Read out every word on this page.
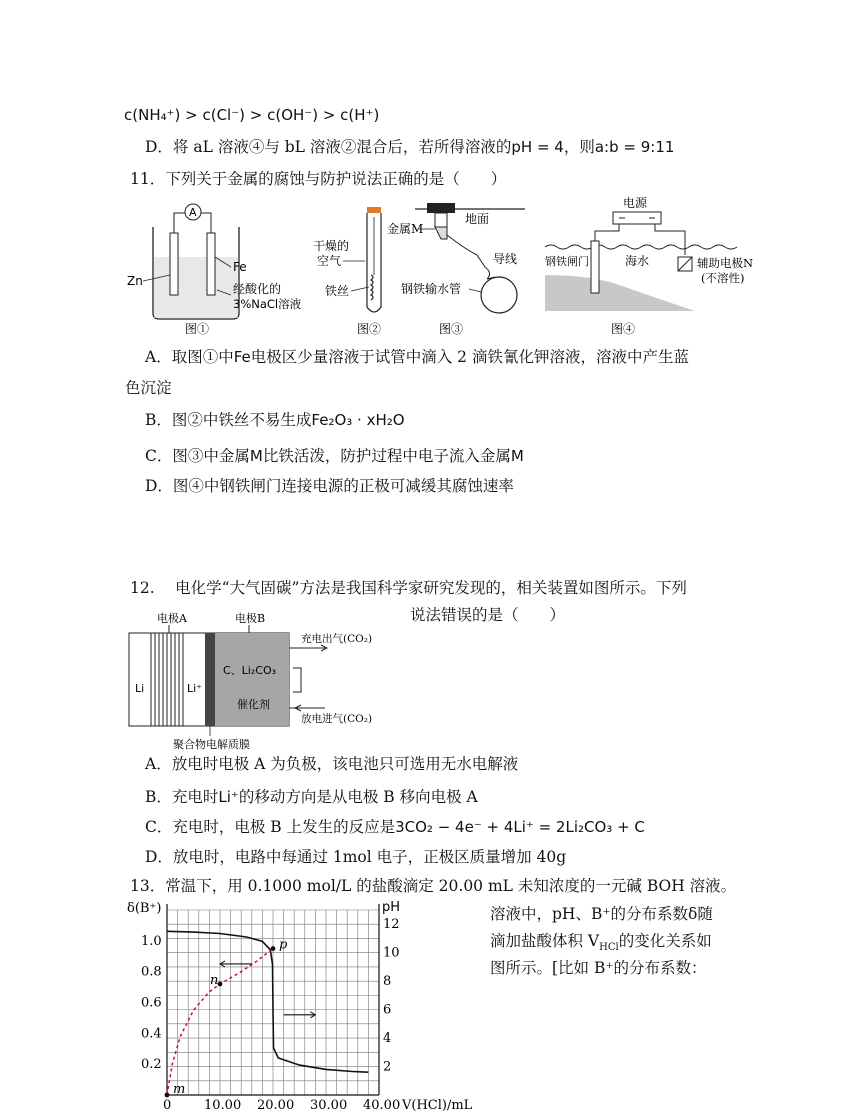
c(NH₄⁺) > c(Cl⁻) > c(OH⁻) > c(H⁺)
D．将 aL 溶液④与 bL 溶液②混合后，若所得溶液的pH = 4，则a:b = 9:11
11．下列关于金属的腐蚀与防护说法正确的是（　　）
A
Zn
Fe
经酸化的
3%NaCl溶液
图①
干燥的
空气
铁丝
图②
地面
金属M
导线
钢铁输水管
图③
电源
钢铁闸门	海水	辅助电极N
(不溶性)
图④
A．取图①中Fe电极区少量溶液于试管中滴入 2 滴铁氰化钾溶液，溶液中产生蓝
色沉淀
B．图②中铁丝不易生成Fe₂O₃ · xH₂O
C．图③中金属M比铁活泼，防护过程中电子流入金属M
D．图④中钢铁闸门连接电源的正极可减缓其腐蚀速率
12.　 电化学“大气固碳”方法是我国科学家研究发现的，相关装置如图所示。下列
说法错误的是（　　）
电极A	电极B
Li	Li⁺
C、Li₂CO₃
催化剂
充电出气(CO₂)
放电进气(CO₂)
聚合物电解质膜
A．放电时电极 A 为负极，该电池只可选用无水电解液
B．充电时Li⁺的移动方向是从电极 B 移向电极 A
C．充电时，电极 B 上发生的反应是3CO₂ − 4e⁻ + 4Li⁺ = 2Li₂CO₃ + C
D．放电时，电路中每通过 1mol 电子，正极区质量增加 40g
13．常温下，用 0.1000 mol/L 的盐酸滴定 20.00 mL 未知浓度的一元碱 BOH 溶液。
溶液中，pH、B⁺的分布系数δ随
滴加盐酸体积 $V_{HCl}$的变化关系如
图所示。[比如 B⁺的分布系数：
0	10.00 20.00 30.00 40.00
0.2
0.4
0.6
0.8
1.0
2
4
6
8
10
12
m
n
p
δ(B⁺)	pH
V(HCl)/mL
